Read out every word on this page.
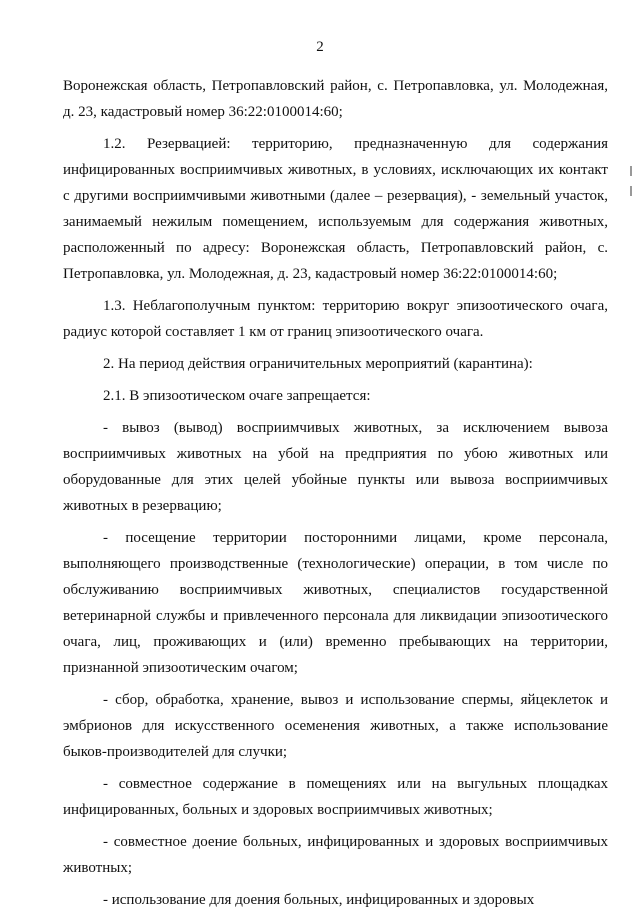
2

Воронежская область, Петропавловский район, с. Петропавловка, ул. Молодежная, д. 23, кадастровый номер 36:22:0100014:60;

1.2. Резервацией: территорию, предназначенную для содержания инфицированных восприимчивых животных, в условиях, исключающих их контакт с другими восприимчивыми животными (далее – резервация), - земельный участок, занимаемый нежилым помещением, используемым для содержания животных, расположенный по адресу: Воронежская область, Петропавловский район, с. Петропавловка, ул. Молодежная, д. 23, кадастровый номер 36:22:0100014:60;

1.3. Неблагополучным пунктом: территорию вокруг эпизоотического очага, радиус которой составляет 1 км от границ эпизоотического очага.

2. На период действия ограничительных мероприятий (карантина):

2.1. В эпизоотическом очаге запрещается:

- вывоз (вывод) восприимчивых животных, за исключением вывоза восприимчивых животных на убой на предприятия по убою животных или оборудованные для этих целей убойные пункты или вывоза восприимчивых животных в резервацию;

- посещение территории посторонними лицами, кроме персонала, выполняющего производственные (технологические) операции, в том числе по обслуживанию восприимчивых животных, специалистов государственной ветеринарной службы и привлеченного персонала для ликвидации эпизоотического очага, лиц, проживающих и (или) временно пребывающих на территории, признанной эпизоотическим очагом;

- сбор, обработка, хранение, вывоз и использование спермы, яйцеклеток и эмбрионов для искусственного осеменения животных, а также использование быков-производителей для случки;

- совместное содержание в помещениях или на выгульных площадках инфицированных, больных и здоровых восприимчивых животных;

- совместное доение больных, инфицированных и здоровых восприимчивых животных;

- использование для доения больных, инфицированных и здоровых
